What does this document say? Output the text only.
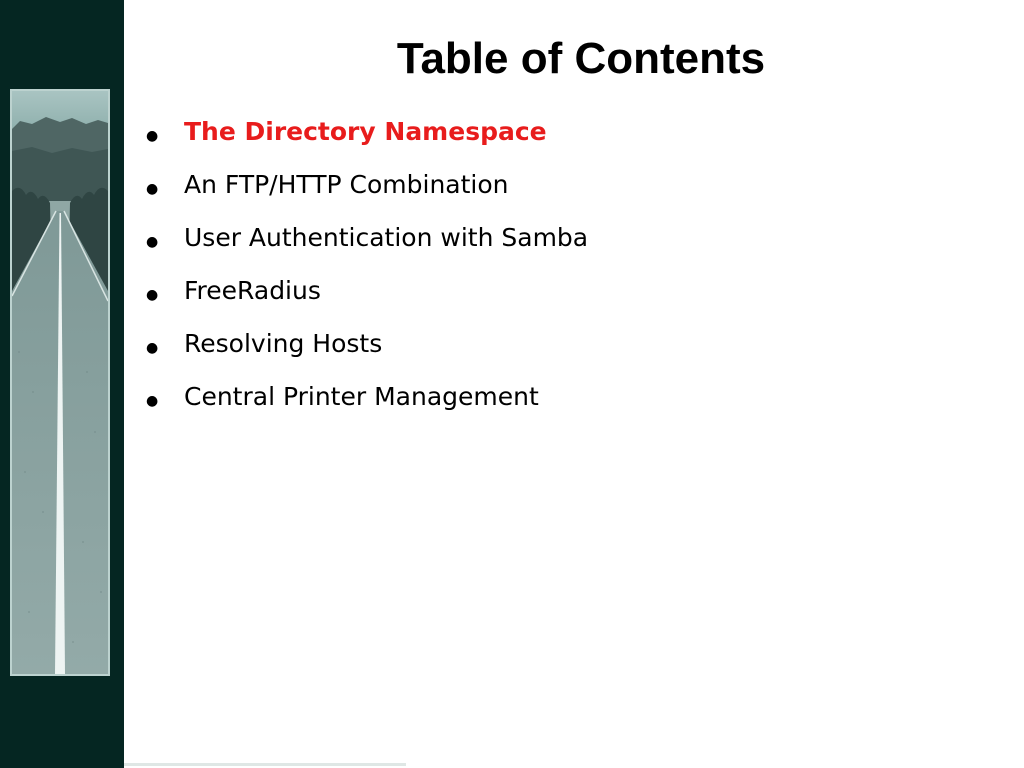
Table of Contents
●	The Directory Namespace
●	An FTP/HTTP Combination
●	User Authentication with Samba
●	FreeRadius
●	Resolving Hosts
●	Central Printer Management
